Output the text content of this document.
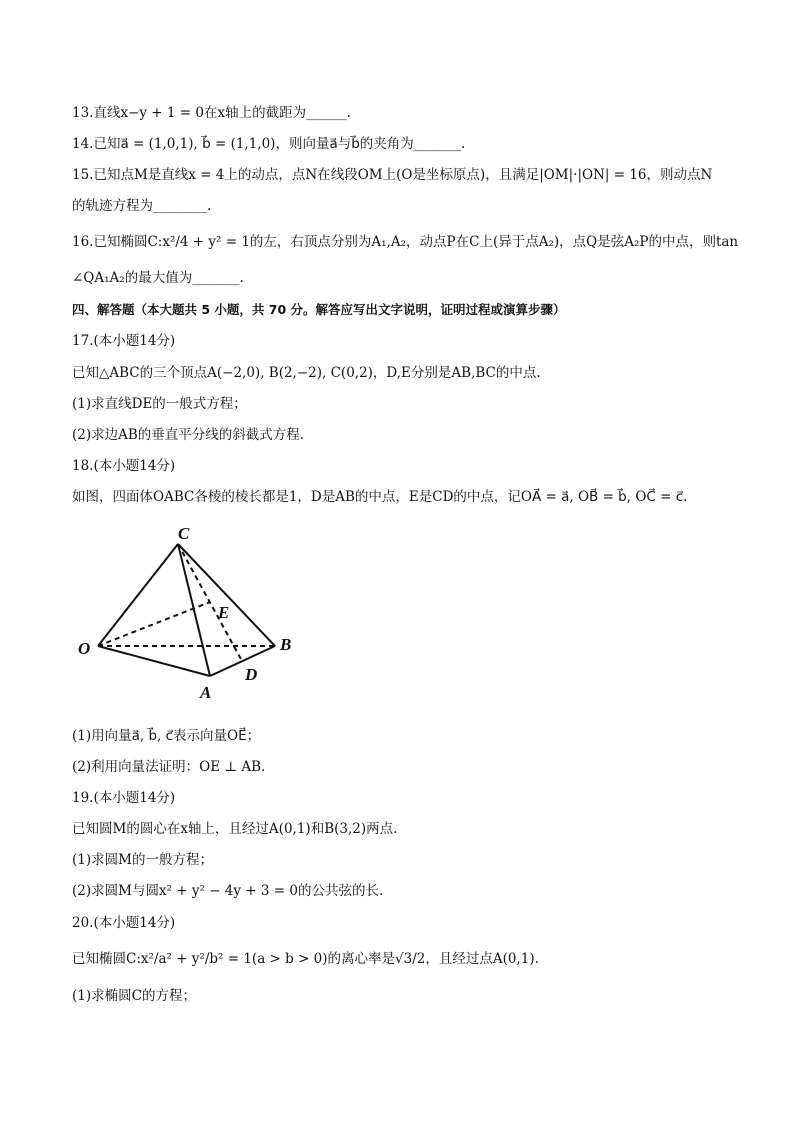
13.直线x−y + 1 = 0在x轴上的截距为______.
14.已知a⃗ = (1,0,1), b⃗ = (1,1,0)，则向量a⃗与b⃗的夹角为_______.
15.已知点M是直线x = 4上的动点，点N在线段OM上(O是坐标原点)，且满足|OM|·|ON| = 16，则动点N
的轨迹方程为________.
16.已知椭圆C:x²/4 + y² = 1的左，右顶点分别为A₁,A₂，动点P在C上(异于点A₂)，点Q是弦A₂P的中点，则tan
∠QA₁A₂的最大值为_______.
四、解答题（本大题共 5 小题，共 70 分。解答应写出文字说明，证明过程或演算步骤）
17.(本小题14分)
已知△ABC的三个顶点A(−2,0), B(2,−2), C(0,2)，D,E分别是AB,BC的中点.
(1)求直线DE的一般式方程；
(2)求边AB的垂直平分线的斜截式方程.
18.(本小题14分)
如图，四面体OABC各棱的棱长都是1，D是AB的中点，E是CD的中点，记OA⃗ = a⃗, OB⃗ = b⃗, OC⃗ = c⃗.
C
O
A
B
D
E
(1)用向量a⃗, b⃗, c⃗表示向量OE⃗；
(2)利用向量法证明：OE ⊥ AB.
19.(本小题14分)
已知圆M的圆心在x轴上，且经过A(0,1)和B(3,2)两点.
(1)求圆M的一般方程；
(2)求圆M与圆x² + y² − 4y + 3 = 0的公共弦的长.
20.(本小题14分)
已知椭圆C:x²/a² + y²/b² = 1(a > b > 0)的离心率是√3/2，且经过点A(0,1).
(1)求椭圆C的方程；
